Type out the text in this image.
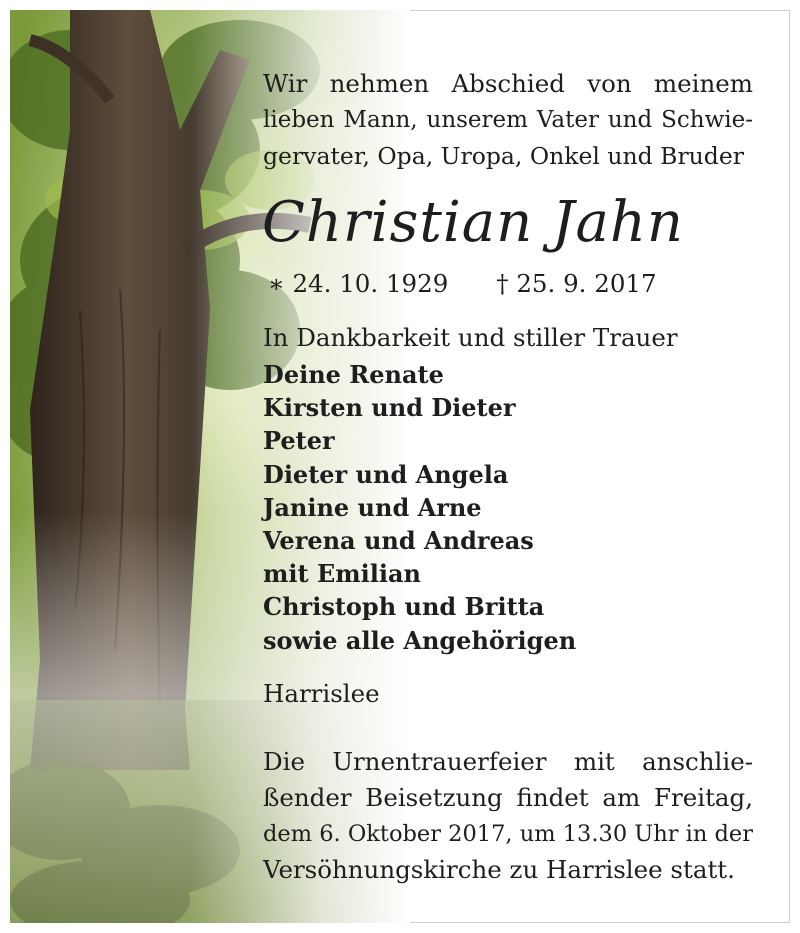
Wir nehmen Abschied von meinem
lieben Mann, unserem Vater und Schwie-
gervater, Opa, Uropa, Onkel und Bruder
Christian Jahn
∗ 24. 10. 1929 † 25. 9. 2017
In Dankbarkeit und stiller Trauer
Deine Renate
Kirsten und Dieter
Peter
Dieter und Angela
Janine und Arne
Verena und Andreas
mit Emilian
Christoph und Britta
sowie alle Angehörigen
Harrislee
Die Urnentrauerfeier mit anschlie-
ßender Beisetzung findet am Freitag,
dem 6. Oktober 2017, um 13.30 Uhr in der
Versöhnungskirche zu Harrislee statt.
